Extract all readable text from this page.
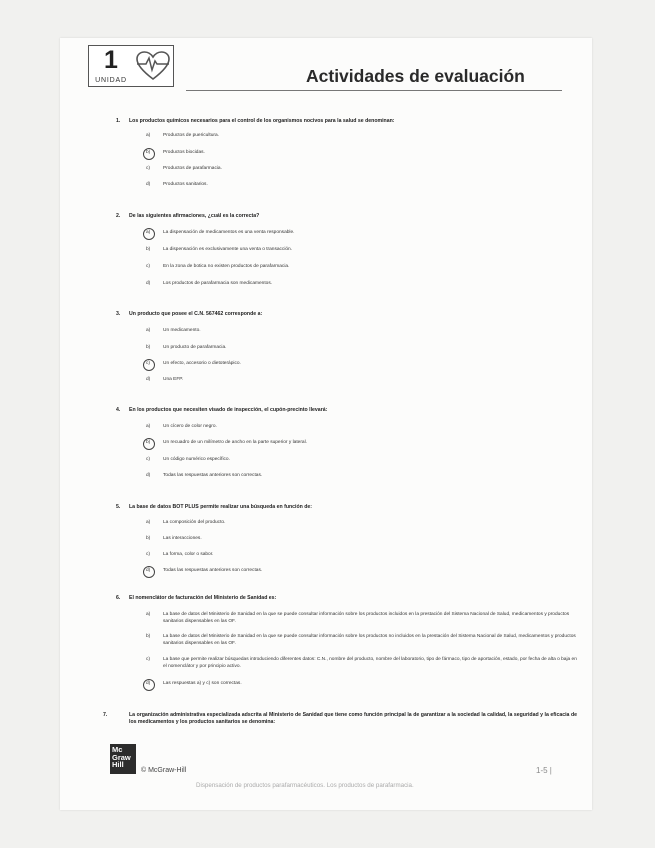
1
UNIDAD	Actividades de evaluación
1. Los productos químicos necesarios para el control de los organismos nocivos para la salud se denominan:
a)	Productos de puericultura.
b)	Productos biocidas.
c)	Productos de parafarmacia.
d)	Productos sanitarios.
2. De las siguientes afirmaciones, ¿cuál es la correcta?
a)	La dispensación de medicamentos es una venta responsable.
b)	La dispensación es exclusivamente una venta o transacción.
c)	En la zona de botica no existen productos de parafarmacia.
d)	Los productos de parafarmacia son medicamentos.
3. Un producto que posee el C.N. 567462 corresponde a:
a)	Un medicamento.
b)	Un producto de parafarmacia.
c)	Un efecto, accesorio o dietoterápico.
d)	Una EFP.
4. En los productos que necesiten visado de inspección, el cupón-precinto llevará:
a)	Un cícero de color negro.
b)	Un recuadro de un milímetro de ancho en la parte superior y lateral.
c)	Un código numérico específico.
d)	Todas las respuestas anteriores son correctas.
5. La base de datos BOT PLUS permite realizar una búsqueda en función de:
a)	La composición del producto.
b)	Las interacciones.
c)	La forma, color o sabor.
d)	Todas las respuestas anteriores son correctas.
6. El nomenclátor de facturación del Ministerio de Sanidad es:
a)	La base de datos del Ministerio de Sanidad en la que se puede consultar información sobre los productos incluidos en la prestación del Sistema Nacional de Salud, medicamentos y productos sanitarios dispensables en las OF.
b)	La base de datos del Ministerio de Sanidad en la que se puede consultar información sobre los productos no incluidos en la prestación del Sistema Nacional de Salud, medicamentos y productos sanitarios dispensables en las OF.
c)	La base que permite realizar búsquedas introduciendo diferentes datos: C.N., nombre del producto, nombre del laboratorio, tipo de fármaco, tipo de aportación, estado, por fecha de alta o baja en el nomenclátor y por principio activo.
d)	Las respuestas a) y c) son correctas.
7.	La organización administrativa especializada adscrita al Ministerio de Sanidad que tiene como función principal la de garantizar a la sociedad la calidad, la seguridad y la eficacia de los medicamentos y los productos sanitarios se denomina:
Mc
Graw
Hill
© McGraw-Hill	1-5 |
Dispensación de productos parafarmacéuticos. Los productos de parafarmacia.
